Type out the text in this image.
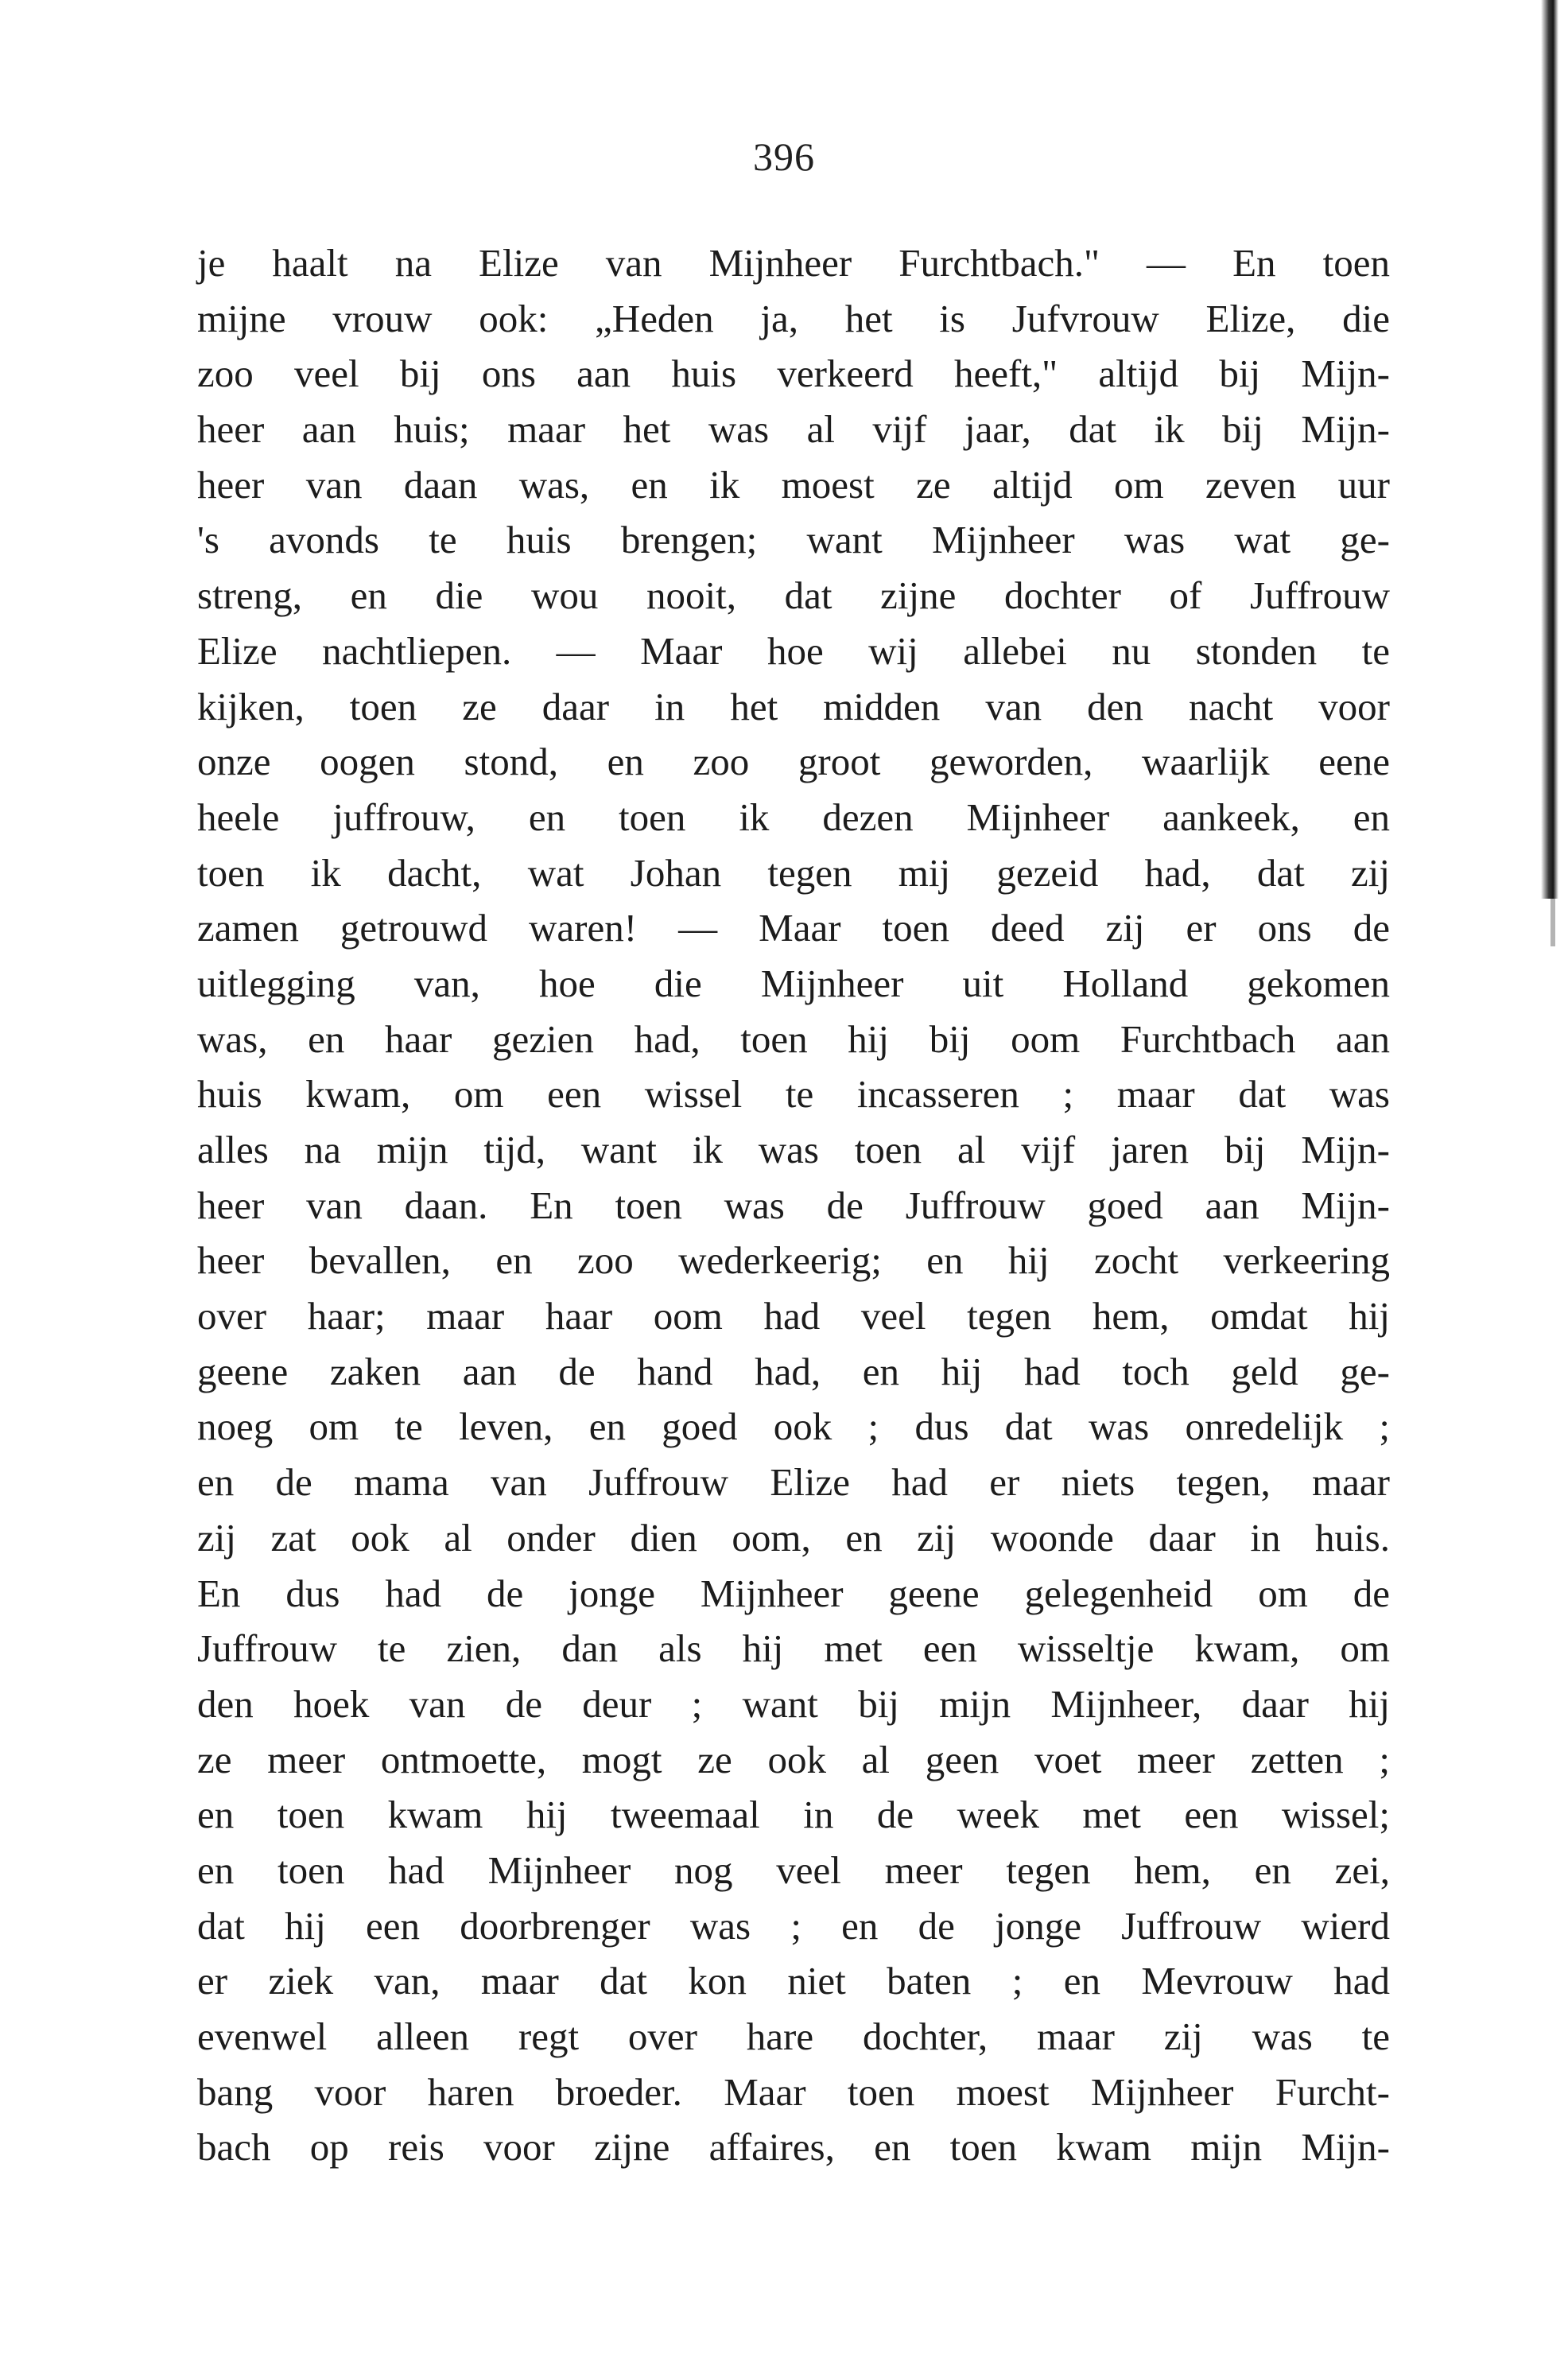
396
je haalt na Elize van Mijnheer Furchtbach." — En toen
mijne vrouw ook: „Heden ja, het is Jufvrouw Elize, die
zoo veel bij ons aan huis verkeerd heeft," altijd bij Mijn-
heer aan huis; maar het was al vijf jaar, dat ik bij Mijn-
heer van daan was, en ik moest ze altijd om zeven uur
's avonds te huis brengen; want Mijnheer was wat ge-
streng, en die wou nooit, dat zijne dochter of Juffrouw
Elize nachtliepen. — Maar hoe wij allebei nu stonden te
kijken, toen ze daar in het midden van den nacht voor
onze oogen stond, en zoo groot geworden, waarlijk eene
heele juffrouw, en toen ik dezen Mijnheer aankeek, en
toen ik dacht, wat Johan tegen mij gezeid had, dat zij
zamen getrouwd waren! — Maar toen deed zij er ons de
uitlegging van, hoe die Mijnheer uit Holland gekomen
was, en haar gezien had, toen hij bij oom Furchtbach aan
huis kwam, om een wissel te incasseren ; maar dat was
alles na mijn tijd, want ik was toen al vijf jaren bij Mijn-
heer van daan. En toen was de Juffrouw goed aan Mijn-
heer bevallen, en zoo wederkeerig; en hij zocht verkeering
over haar; maar haar oom had veel tegen hem, omdat hij
geene zaken aan de hand had, en hij had toch geld ge-
noeg om te leven, en goed ook ; dus dat was onredelijk ;
en de mama van Juffrouw Elize had er niets tegen, maar
zij zat ook al onder dien oom, en zij woonde daar in huis.
En dus had de jonge Mijnheer geene gelegenheid om de
Juffrouw te zien, dan als hij met een wisseltje kwam, om
den hoek van de deur ; want bij mijn Mijnheer, daar hij
ze meer ontmoette, mogt ze ook al geen voet meer zetten ;
en toen kwam hij tweemaal in de week met een wissel;
en toen had Mijnheer nog veel meer tegen hem, en zei,
dat hij een doorbrenger was ; en de jonge Juffrouw wierd
er ziek van, maar dat kon niet baten ; en Mevrouw had
evenwel alleen regt over hare dochter, maar zij was te
bang voor haren broeder. Maar toen moest Mijnheer Furcht-
bach op reis voor zijne affaires, en toen kwam mijn Mijn-
